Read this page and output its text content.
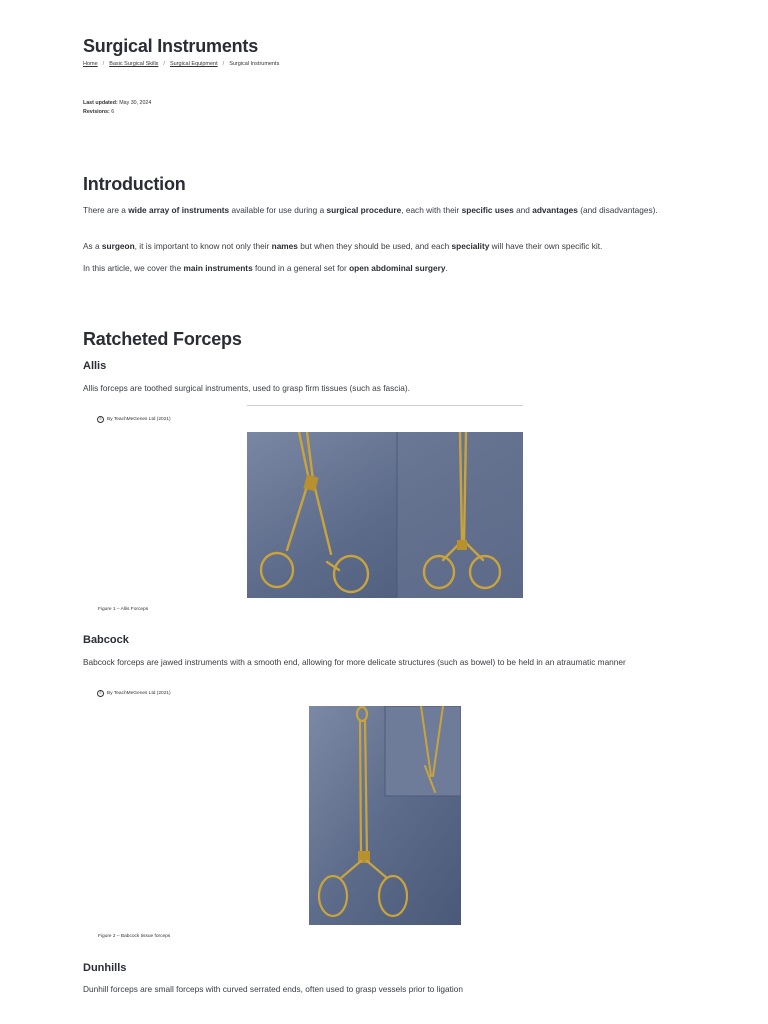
Surgical Instruments
Home / Basic Surgical Skills / Surgical Equipment / Surgical Instruments
Last updated: May 30, 2024
Revisions: 6
Introduction

There are a wide array of instruments available for use during a surgical procedure, each with their specific uses and advantages (and disadvantages).

As a surgeon, it is important to know not only their names but when they should be used, and each speciality will have their own specific kit.

In this article, we cover the main instruments found in a general set for open abdominal surgery.

Ratcheted Forceps
Allis

Allis forceps are toothed surgical instruments, used to grasp firm tissues (such as fascia).

©	By TeachMeGenes Ltd (2021)
Figure 1 – Allis Forceps
Babcock

Babcock forceps are jawed instruments with a smooth end, allowing for more delicate structures (such as bowel) to be held in an atraumatic manner

©	By TeachMeGenes Ltd (2021)
Figure 2 – Babcock tissue forceps
Dunhills

Dunhill forceps are small forceps with curved serrated ends, often used to grasp vessels prior to ligation
